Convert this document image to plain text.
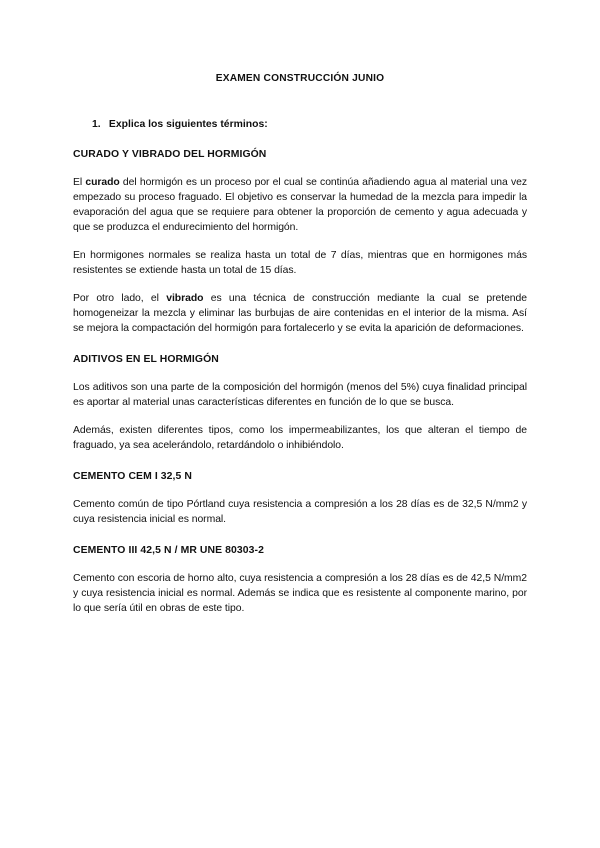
EXAMEN CONSTRUCCIÓN JUNIO
1. Explica los siguientes términos:
CURADO Y VIBRADO DEL HORMIGÓN

El curado del hormigón es un proceso por el cual se continúa añadiendo agua al material una vez empezado su proceso fraguado. El objetivo es conservar la humedad de la mezcla para impedir la evaporación del agua que se requiere para obtener la proporción de cemento y agua adecuada y que se produzca el endurecimiento del hormigón.

En hormigones normales se realiza hasta un total de 7 días, mientras que en hormigones más resistentes se extiende hasta un total de 15 días.

Por otro lado, el vibrado es una técnica de construcción mediante la cual se pretende homogeneizar la mezcla y eliminar las burbujas de aire contenidas en el interior de la misma. Así se mejora la compactación del hormigón para fortalecerlo y se evita la aparición de deformaciones.

ADITIVOS EN EL HORMIGÓN

Los aditivos son una parte de la composición del hormigón (menos del 5%) cuya finalidad principal es aportar al material unas características diferentes en función de lo que se busca.

Además, existen diferentes tipos, como los impermeabilizantes, los que alteran el tiempo de fraguado, ya sea acelerándolo, retardándolo o inhibiéndolo.

CEMENTO CEM I 32,5 N

Cemento común de tipo Pórtland cuya resistencia a compresión a los 28 días es de 32,5 N/mm2 y cuya resistencia inicial es normal.

CEMENTO III 42,5 N / MR UNE 80303-2

Cemento con escoria de horno alto, cuya resistencia a compresión a los 28 días es de 42,5 N/mm2 y cuya resistencia inicial es normal. Además se indica que es resistente al componente marino, por lo que sería útil en obras de este tipo.
